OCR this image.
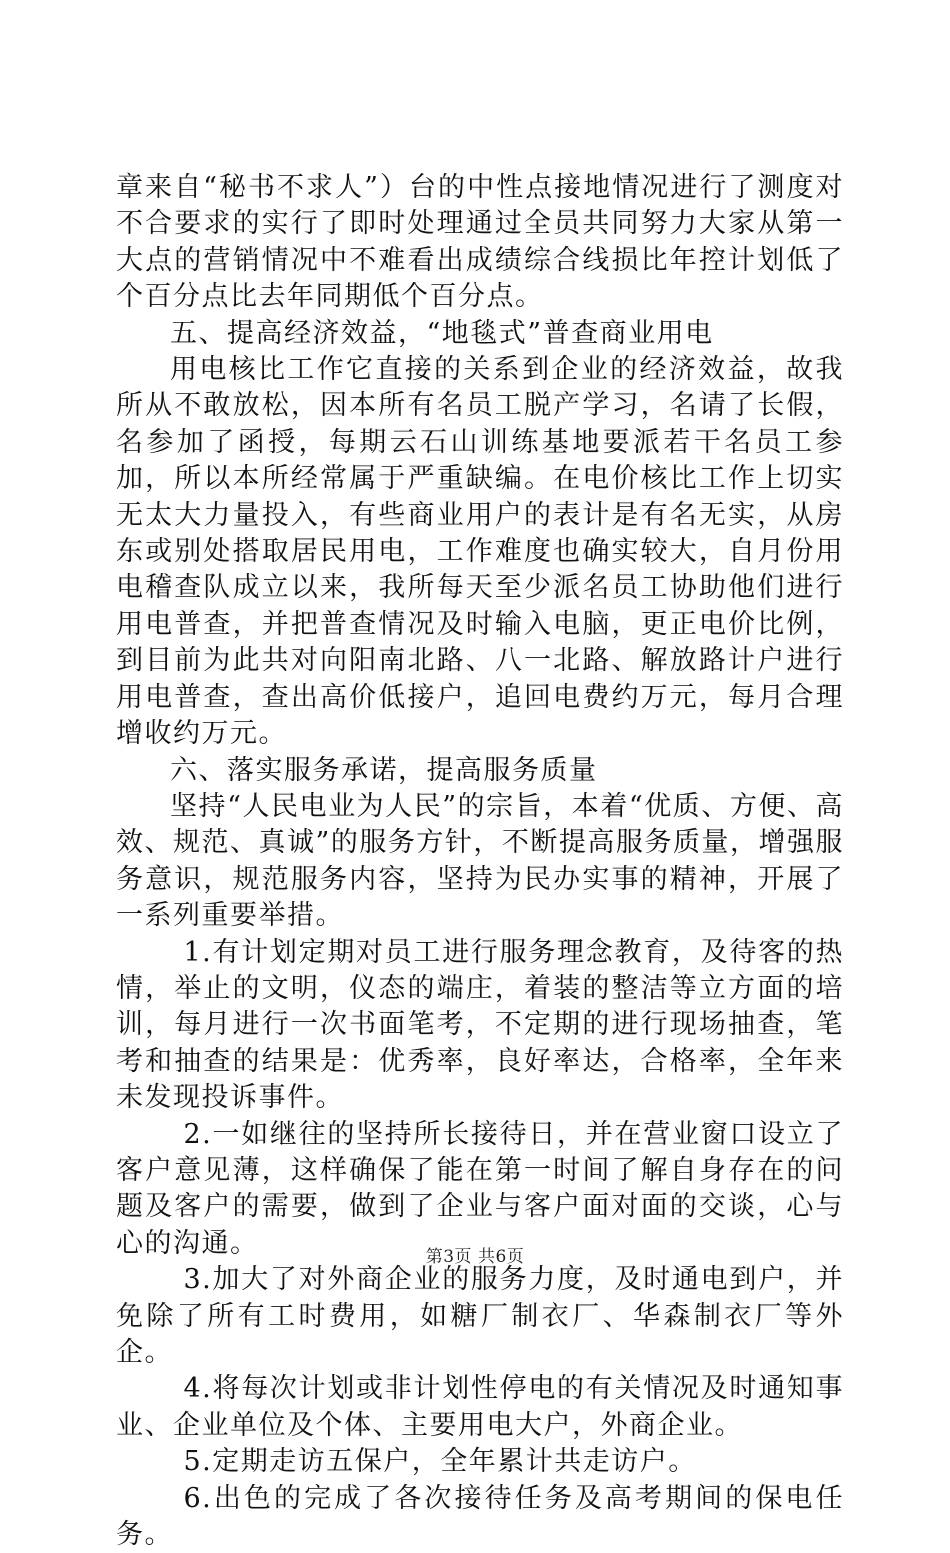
章来自“秘书不求人”）台的中性点接地情况进行了测度对不合要求的实行了即时处理通过全员共同努力大家从第一大点的营销情况中不难看出成绩综合线损比年控计划低了个百分点比去年同期低个百分点。

五、提高经济效益，“地毯式”普查商业用电

用电核比工作它直接的关系到企业的经济效益，故我所从不敢放松，因本所有名员工脱产学习，名请了长假，名参加了函授，每期云石山训练基地要派若干名员工参加，所以本所经常属于严重缺编。在电价核比工作上切实无太大力量投入，有些商业用户的表计是有名无实，从房东或别处搭取居民用电，工作难度也确实较大，自月份用电稽查队成立以来，我所每天至少派名员工协助他们进行用电普查，并把普查情况及时输入电脑，更正电价比例，到目前为此共对向阳南北路、八一北路、解放路计户进行用电普查，查出高价低接户，追回电费约万元，每月合理增收约万元。

六、落实服务承诺，提高服务质量

坚持“人民电业为人民”的宗旨，本着“优质、方便、高效、规范、真诚”的服务方针，不断提高服务质量，增强服务意识，规范服务内容，坚持为民办实事的精神，开展了一系列重要举措。

1.有计划定期对员工进行服务理念教育，及待客的热情，举止的文明，仪态的端庄，着装的整洁等立方面的培训，每月进行一次书面笔考，不定期的进行现场抽查，笔考和抽查的结果是：优秀率，良好率达，合格率，全年来未发现投诉事件。

2.一如继往的坚持所长接待日，并在营业窗口设立了客户意见薄，这样确保了能在第一时间了解自身存在的问题及客户的需要，做到了企业与客户面对面的交谈，心与心的沟通。

3.加大了对外商企业的服务力度，及时通电到户，并免除了所有工时费用，如糖厂制衣厂、华森制衣厂等外企。

4.将每次计划或非计划性停电的有关情况及时通知事业、企业单位及个体、主要用电大户，外商企业。

5.定期走访五保户，全年累计共走访户。

6.出色的完成了各次接待任务及高考期间的保电任务。

第3页 共6页
